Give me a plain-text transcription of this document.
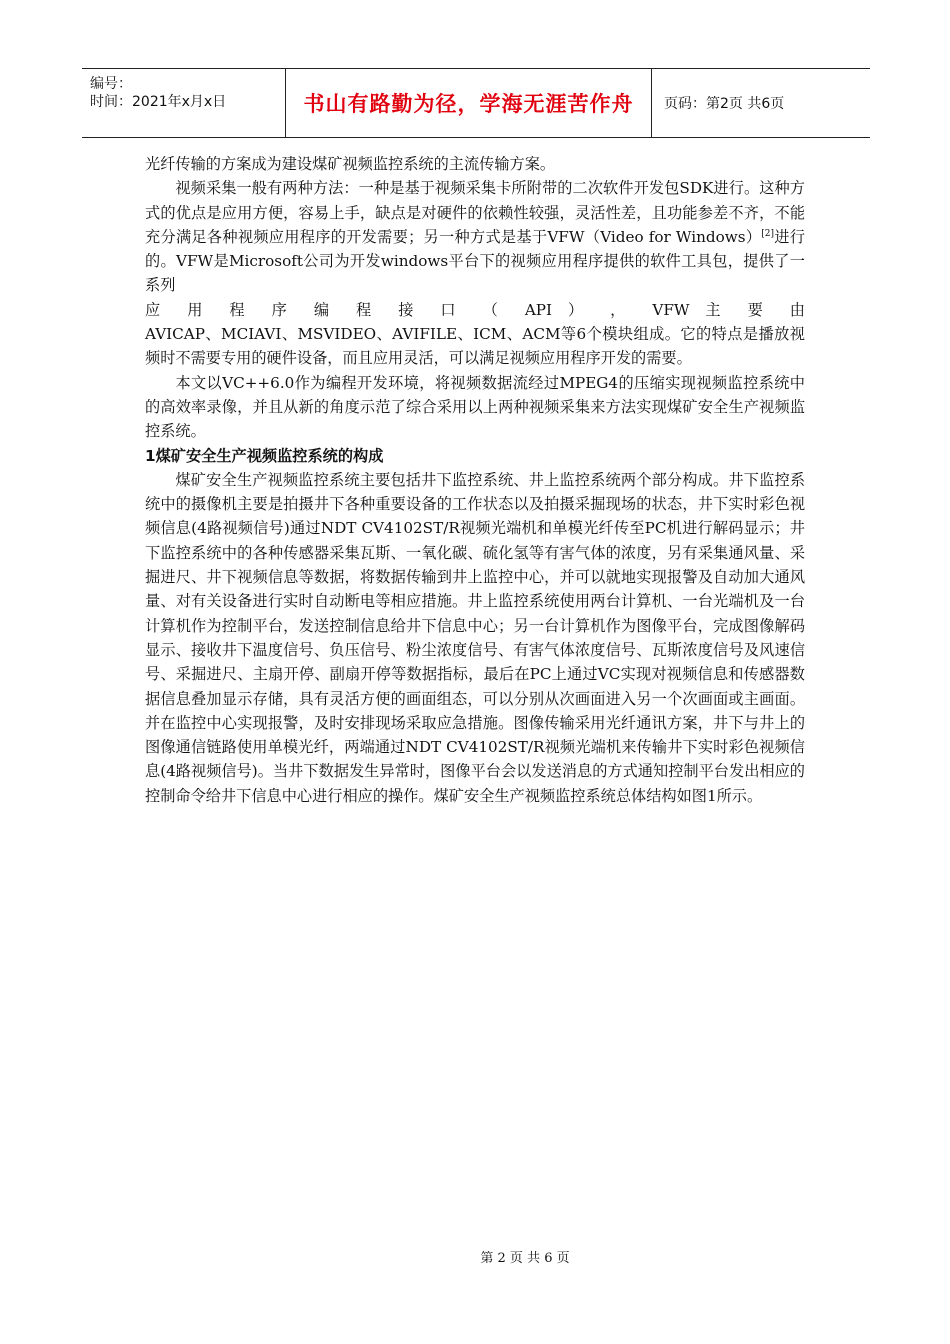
编号：
时间：2021年x月x日	书山有路勤为径，学海无涯苦作舟	页码：第2页 共6页

光纤传输的方案成为建设煤矿视频监控系统的主流传输方案。

视频采集一般有两种方法：一种是基于视频采集卡所附带的二次软件开发包SDK进行。这种方式的优点是应用方便，容易上手，缺点是对硬件的依赖性较强，灵活性差，且功能参差不齐，不能充分满足各种视频应用程序的开发需要；另一种方式是基于VFW（Video for Windows）[2]进行的。VFW是Microsoft公司为开发windows平台下的视频应用程序提供的软件工具包，提供了一系列

应 用 程 序 编 程 接 口 （ API ） ， VFW 主 要 由

AVICAP、MCIAVI、MSVIDEO、AVIFILE、ICM、ACM等6个模块组成。它的特点是播放视频时不需要专用的硬件设备，而且应用灵活，可以满足视频应用程序开发的需要。

本文以VC++6.0作为编程开发环境，将视频数据流经过MPEG4的压缩实现视频监控系统中的高效率录像，并且从新的角度示范了综合采用以上两种视频采集来方法实现煤矿安全生产视频监控系统。

1煤矿安全生产视频监控系统的构成

煤矿安全生产视频监控系统主要包括井下监控系统、井上监控系统两个部分构成。井下监控系统中的摄像机主要是拍摄井下各种重要设备的工作状态以及拍摄采掘现场的状态，井下实时彩色视频信息(4路视频信号)通过NDT CV4102ST/R视频光端机和单模光纤传至PC机进行解码显示；井下监控系统中的各种传感器采集瓦斯、一氧化碳、硫化氢等有害气体的浓度，另有采集通风量、采掘进尺、井下视频信息等数据，将数据传输到井上监控中心，并可以就地实现报警及自动加大通风量、对有关设备进行实时自动断电等相应措施。井上监控系统使用两台计算机、一台光端机及一台计算机作为控制平台，发送控制信息给井下信息中心；另一台计算机作为图像平台，完成图像解码显示、接收井下温度信号、负压信号、粉尘浓度信号、有害气体浓度信号、瓦斯浓度信号及风速信号、采掘进尺、主扇开停、副扇开停等数据指标，最后在PC上通过VC实现对视频信息和传感器数据信息叠加显示存储，具有灵活方便的画面组态，可以分别从次画面进入另一个次画面或主画面。并在监控中心实现报警，及时安排现场采取应急措施。图像传输采用光纤通讯方案，井下与井上的图像通信链路使用单模光纤，两端通过NDT CV4102ST/R视频光端机来传输井下实时彩色视频信息(4路视频信号)。当井下数据发生异常时，图像平台会以发送消息的方式通知控制平台发出相应的控制命令给井下信息中心进行相应的操作。煤矿安全生产视频监控系统总体结构如图1所示。

第 2 页 共 6 页
